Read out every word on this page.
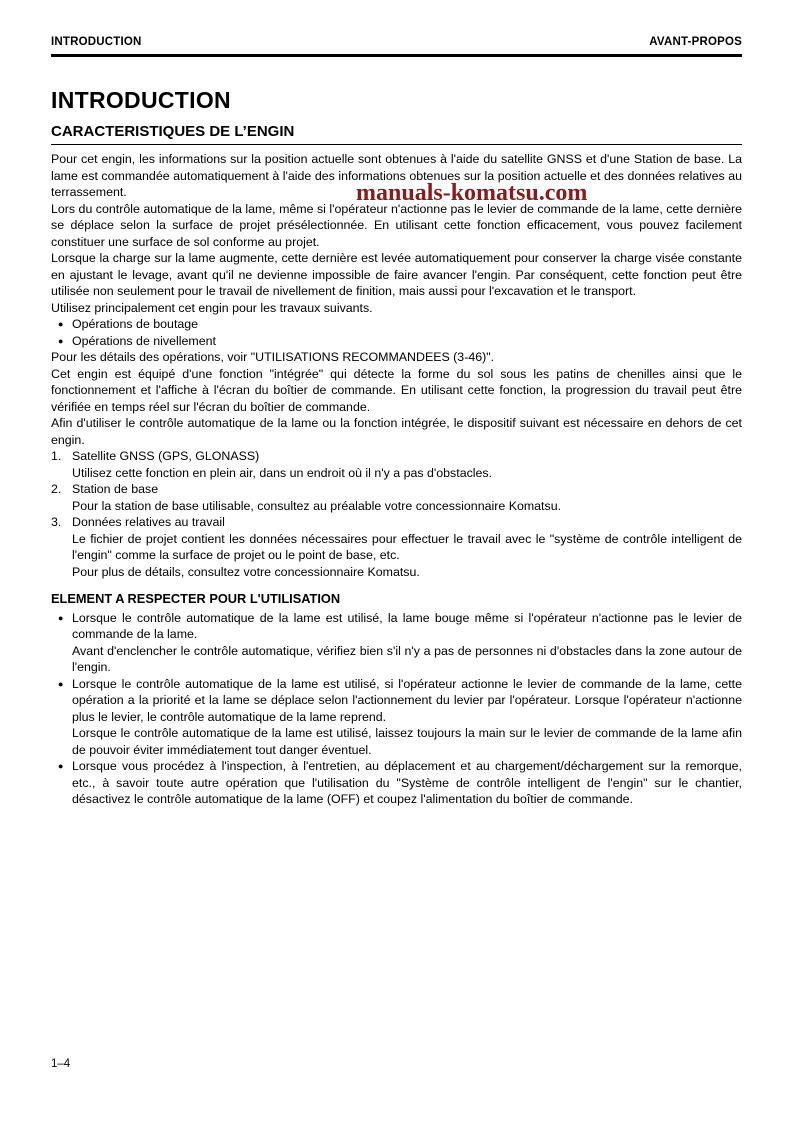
manuals-komatsu.com
INTRODUCTION	AVANT-PROPOS
INTRODUCTION
CARACTERISTIQUES DE L’ENGIN

Pour cet engin, les informations sur la position actuelle sont obtenues à l'aide du satellite GNSS et d'une Station de base. La lame est commandée automatiquement à l'aide des informations obtenues sur la position actuelle et des données relatives au terrassement.

Lors du contrôle automatique de la lame, même si l'opérateur n'actionne pas le levier de commande de la lame, cette dernière se déplace selon la surface de projet présélectionnée. En utilisant cette fonction efficacement, vous pouvez facilement constituer une surface de sol conforme au projet.

Lorsque la charge sur la lame augmente, cette dernière est levée automatiquement pour conserver la charge visée constante en ajustant le levage, avant qu'il ne devienne impossible de faire avancer l'engin. Par conséquent, cette fonction peut être utilisée non seulement pour le travail de nivellement de finition, mais aussi pour l'excavation et le transport.

Utilisez principalement cet engin pour les travaux suivants.

● Opérations de boutage
● Opérations de nivellement

Pour les détails des opérations, voir "UTILISATIONS RECOMMANDEES (3-46)".

Cet engin est équipé d'une fonction "intégrée" qui détecte la forme du sol sous les patins de chenilles ainsi que le fonctionnement et l'affiche à l'écran du boîtier de commande. En utilisant cette fonction, la progression du travail peut être vérifiée en temps réel sur l'écran du boîtier de commande.

Afin d'utiliser le contrôle automatique de la lame ou la fonction intégrée, le dispositif suivant est nécessaire en dehors de cet engin.

1. Satellite GNSS (GPS, GLONASS)

Utilisez cette fonction en plein air, dans un endroit où il n'y a pas d'obstacles.

2. Station de base

Pour la station de base utilisable, consultez au préalable votre concessionnaire Komatsu.

3. Données relatives au travail

Le fichier de projet contient les données nécessaires pour effectuer le travail avec le "système de contrôle intelligent de l'engin" comme la surface de projet ou le point de base, etc.

Pour plus de détails, consultez votre concessionnaire Komatsu.

ELEMENT A RESPECTER POUR L'UTILISATION
● Lorsque le contrôle automatique de la lame est utilisé, la lame bouge même si l'opérateur n'actionne pas le levier de commande de la lame.

Avant d'enclencher le contrôle automatique, vérifiez bien s'il n'y a pas de personnes ni d'obstacles dans la zone autour de l'engin.

● Lorsque le contrôle automatique de la lame est utilisé, si l'opérateur actionne le levier de commande de la lame, cette opération a la priorité et la lame se déplace selon l'actionnement du levier par l'opérateur. Lorsque l'opérateur n'actionne plus le levier, le contrôle automatique de la lame reprend.

Lorsque le contrôle automatique de la lame est utilisé, laissez toujours la main sur le levier de commande de la lame afin de pouvoir éviter immédiatement tout danger éventuel.

● Lorsque vous procédez à l'inspection, à l'entretien, au déplacement et au chargement/déchargement sur la remorque, etc., à savoir toute autre opération que l'utilisation du "Système de contrôle intelligent de l'engin" sur le chantier, désactivez le contrôle automatique de la lame (OFF) et coupez l'alimentation du boîtier de commande.

1–4
